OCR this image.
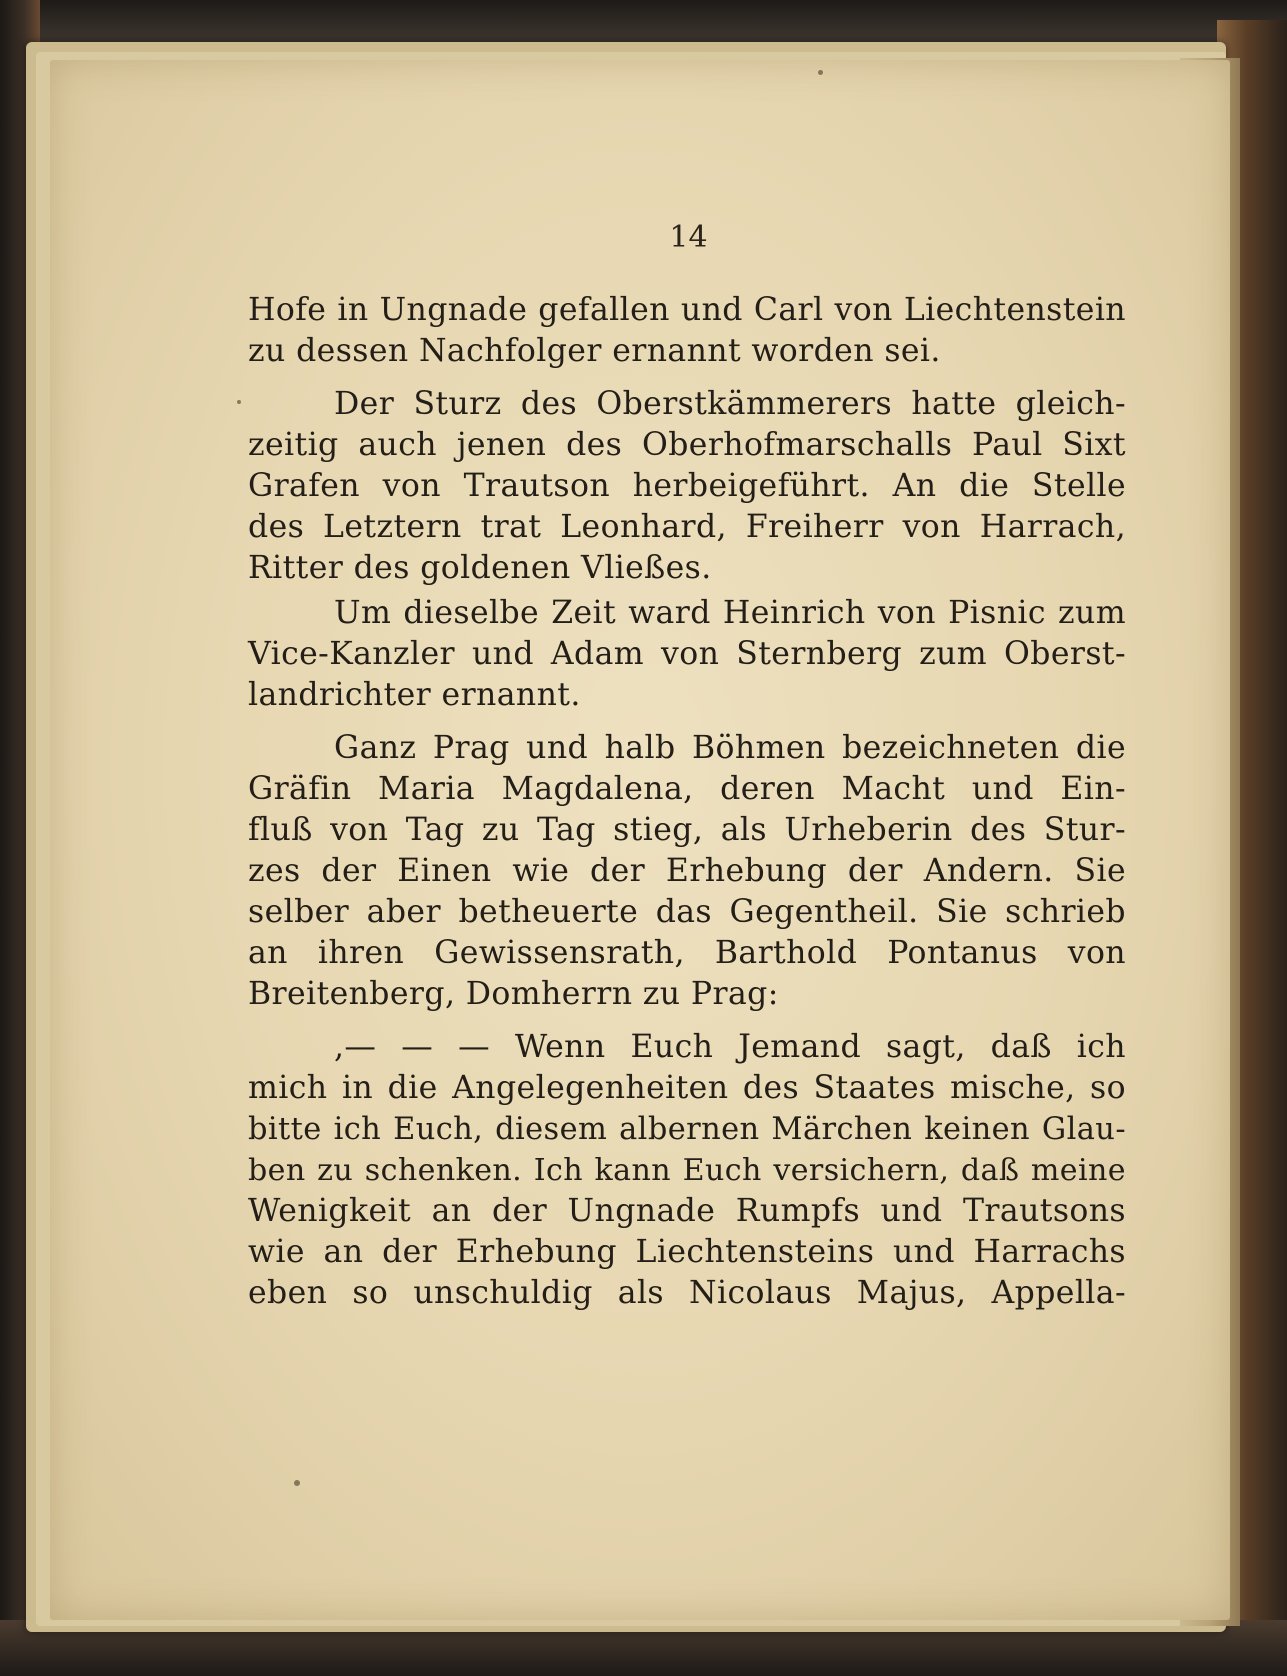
14
Hofe in Ungnade gefallen und Carl von Liechtenstein
zu dessen Nachfolger ernannt worden sei.
Der Sturz des Oberstkämmerers hatte gleich-
zeitig auch jenen des Oberhofmarschalls Paul Sixt
Grafen von Trautson herbeigeführt. An die Stelle
des Letztern trat Leonhard, Freiherr von Harrach,
Ritter des goldenen Vließes.
Um dieselbe Zeit ward Heinrich von Pisnic zum
Vice-Kanzler und Adam von Sternberg zum Oberst-
landrichter ernannt.
Ganz Prag und halb Böhmen bezeichneten die
Gräfin Maria Magdalena, deren Macht und Ein-
fluß von Tag zu Tag stieg, als Urheberin des Stur-
zes der Einen wie der Erhebung der Andern. Sie
selber aber betheuerte das Gegentheil. Sie schrieb
an ihren Gewissensrath, Barthold Pontanus von
Breitenberg, Domherrn zu Prag:
,— — — Wenn Euch Jemand sagt, daß ich
mich in die Angelegenheiten des Staates mische, so
bitte ich Euch, diesem albernen Märchen keinen Glau-
ben zu schenken. Ich kann Euch versichern, daß meine
Wenigkeit an der Ungnade Rumpfs und Trautsons
wie an der Erhebung Liechtensteins und Harrachs
eben so unschuldig als Nicolaus Majus, Appella-
